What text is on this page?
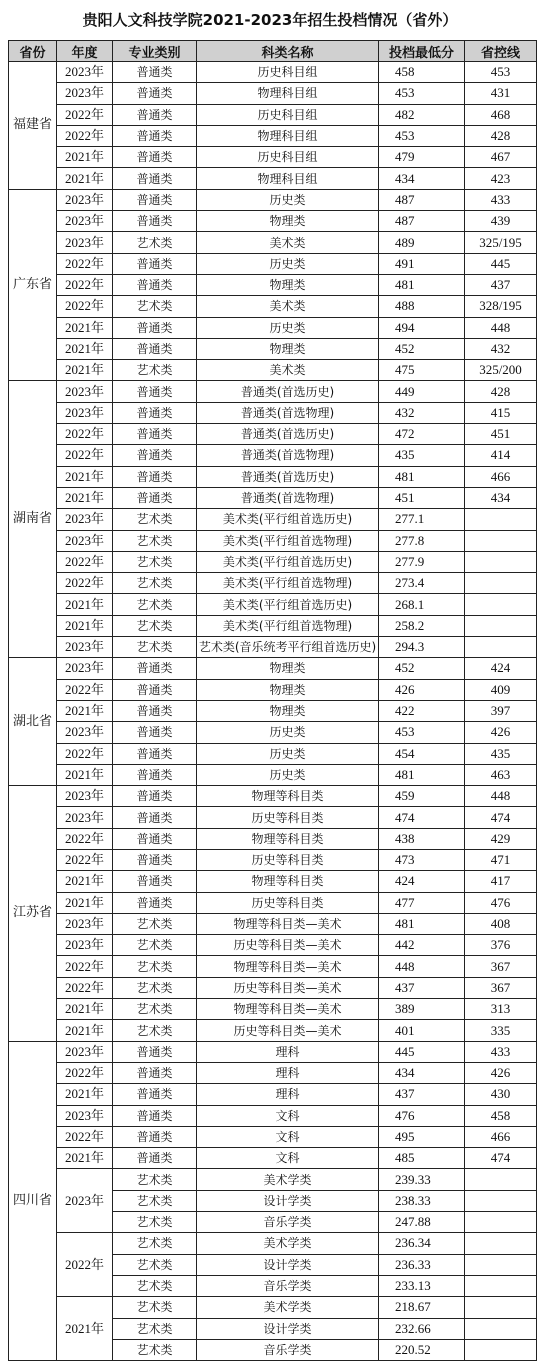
贵阳人文科技学院2021-2023年招生投档情况（省外）
省份	年度	专业类别	科类名称	投档最低分	省控线
福建省	2023年	普通类	历史科目组	458	453
	2023年	普通类	物理科目组	453	431
	2022年	普通类	历史科目组	482	468
	2022年	普通类	物理科目组	453	428
	2021年	普通类	历史科目组	479	467
	2021年	普通类	物理科目组	434	423
广东省	2023年	普通类	历史类	487	433
	2023年	普通类	物理类	487	439
	2023年	艺术类	美术类	489	325/195
	2022年	普通类	历史类	491	445
	2022年	普通类	物理类	481	437
	2022年	艺术类	美术类	488	328/195
	2021年	普通类	历史类	494	448
	2021年	普通类	物理类	452	432
	2021年	艺术类	美术类	475	325/200
湖南省	2023年	普通类	普通类(首选历史)	449	428
	2023年	普通类	普通类(首选物理)	432	415
	2022年	普通类	普通类(首选历史)	472	451
	2022年	普通类	普通类(首选物理)	435	414
	2021年	普通类	普通类(首选历史)	481	466
	2021年	普通类	普通类(首选物理)	451	434
	2023年	艺术类	美术类(平行组首选历史)	277.1	
	2023年	艺术类	美术类(平行组首选物理)	277.8	
	2022年	艺术类	美术类(平行组首选历史)	277.9	
	2022年	艺术类	美术类(平行组首选物理)	273.4	
	2021年	艺术类	美术类(平行组首选历史)	268.1	
	2021年	艺术类	美术类(平行组首选物理)	258.2	
	2023年	艺术类	艺术类(音乐统考平行组首选历史)	294.3	
湖北省	2023年	普通类	物理类	452	424
	2022年	普通类	物理类	426	409
	2021年	普通类	物理类	422	397
	2023年	普通类	历史类	453	426
	2022年	普通类	历史类	454	435
	2021年	普通类	历史类	481	463
江苏省	2023年	普通类	物理等科目类	459	448
	2023年	普通类	历史等科目类	474	474
	2022年	普通类	物理等科目类	438	429
	2022年	普通类	历史等科目类	473	471
	2021年	普通类	物理等科目类	424	417
	2021年	普通类	历史等科目类	477	476
	2023年	艺术类	物理等科目类—美术	481	408
	2023年	艺术类	历史等科目类—美术	442	376
	2022年	艺术类	物理等科目类—美术	448	367
	2022年	艺术类	历史等科目类—美术	437	367
	2021年	艺术类	物理等科目类—美术	389	313
	2021年	艺术类	历史等科目类—美术	401	335
四川省	2023年	普通类	理科	445	433
	2022年	普通类	理科	434	426
	2021年	普通类	理科	437	430
	2023年	普通类	文科	476	458
	2022年	普通类	文科	495	466
	2021年	普通类	文科	485	474
	2023年	艺术类	美术学类	239.33	
		艺术类	设计学类	238.33	
		艺术类	音乐学类	247.88	
	2022年	艺术类	美术学类	236.34	
		艺术类	设计学类	236.33	
		艺术类	音乐学类	233.13	
	2021年	艺术类	美术学类	218.67	
		艺术类	设计学类	232.66	
		艺术类	音乐学类	220.52	
